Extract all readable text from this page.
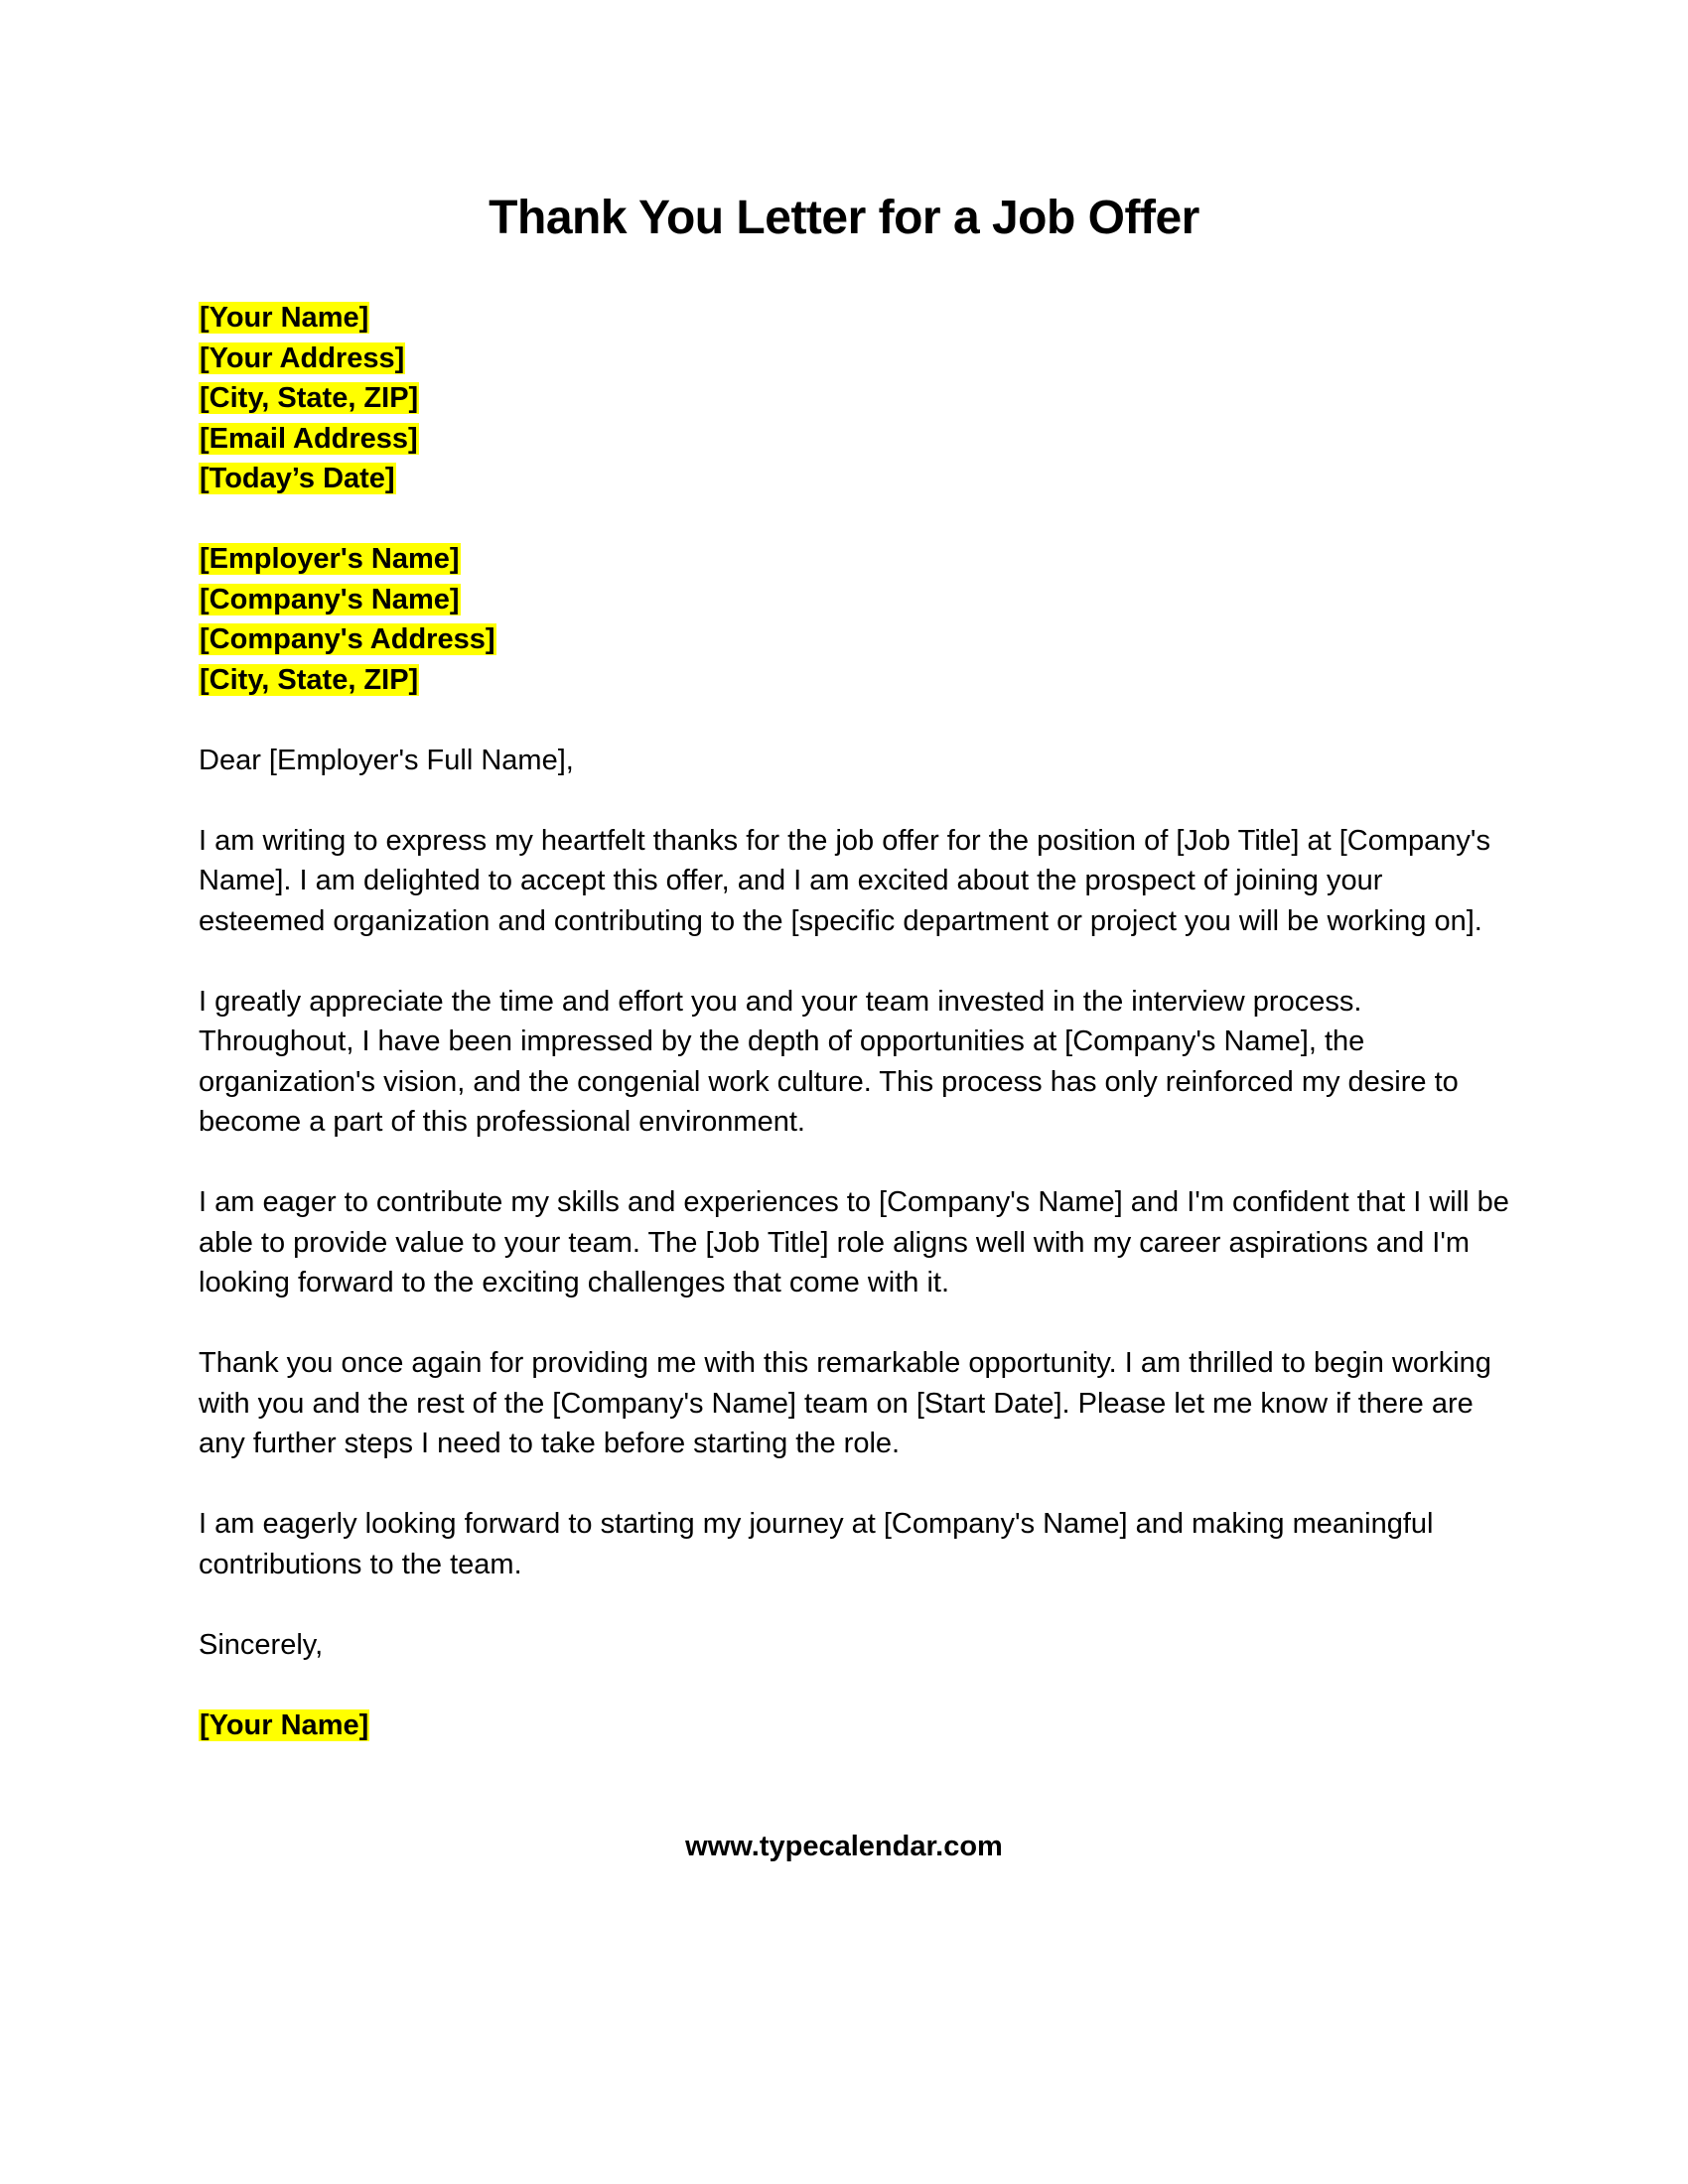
Thank You Letter for a Job Offer
[Your Name]
[Your Address]
[City, State, ZIP]
[Email Address]
[Today’s Date]
[Employer's Name]
[Company's Name]
[Company's Address]
[City, State, ZIP]

Dear [Employer's Full Name],

I am writing to express my heartfelt thanks for the job offer for the position of [Job Title] at [Company's Name]. I am delighted to accept this offer, and I am excited about the prospect of joining your esteemed organization and contributing to the [specific department or project you will be working on].

I greatly appreciate the time and effort you and your team invested in the interview process. Throughout, I have been impressed by the depth of opportunities at [Company's Name], the organization's vision, and the congenial work culture. This process has only reinforced my desire to become a part of this professional environment.

I am eager to contribute my skills and experiences to [Company's Name] and I'm confident that I will be able to provide value to your team. The [Job Title] role aligns well with my career aspirations and I'm looking forward to the exciting challenges that come with it.

Thank you once again for providing me with this remarkable opportunity. I am thrilled to begin working with you and the rest of the [Company's Name] team on [Start Date]. Please let me know if there are any further steps I need to take before starting the role.

I am eagerly looking forward to starting my journey at [Company's Name] and making meaningful contributions to the team.

Sincerely,

[Your Name]
www.typecalendar.com
